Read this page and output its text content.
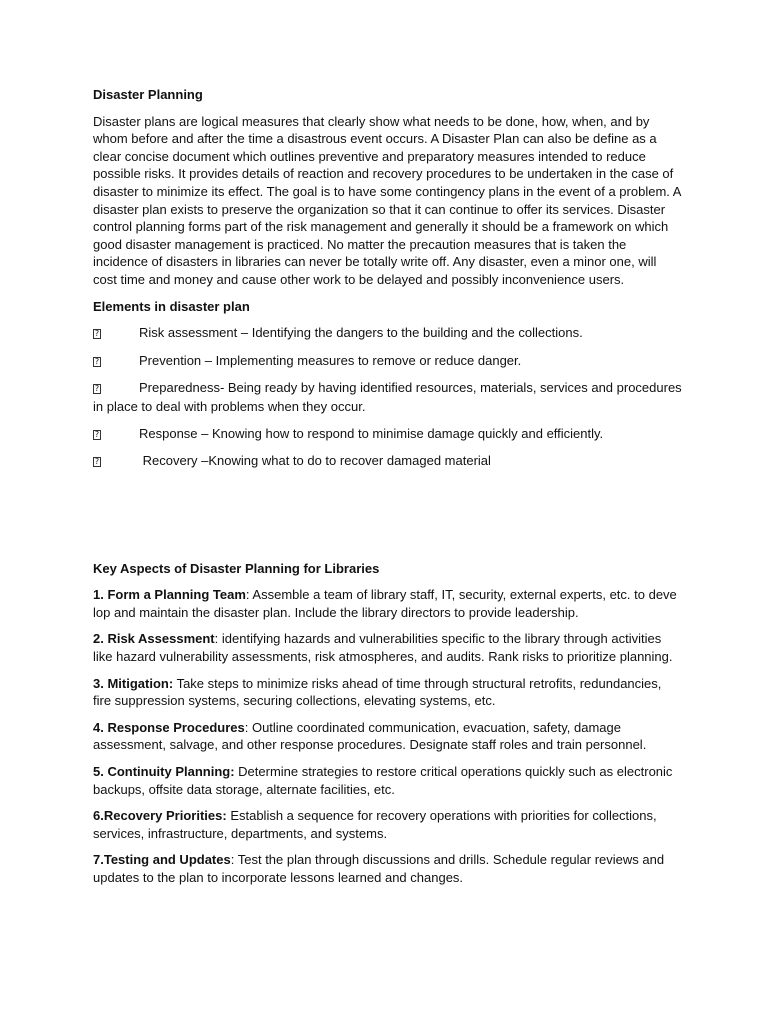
Disaster Planning
Disaster plans are logical measures that clearly show what needs to be done, how, when, and by whom before and after the time a disastrous event occurs. A Disaster Plan can also be define as a clear concise document which outlines preventive and preparatory measures intended to reduce possible risks. It provides details of reaction and recovery procedures to be undertaken in the case of disaster to minimize its effect. The goal is to have some contingency plans in the event of a problem. A disaster plan exists to preserve the organization so that it can continue to offer its services. Disaster control planning forms part of the risk management and generally it should be a framework on which good disaster management is practiced. No matter the precaution measures that is taken the incidence of disasters in libraries can never be totally write off. Any disaster, even a minor one, will cost time and money and cause other work to be delayed and possibly inconvenience users.
Elements in disaster plan
?	Risk assessment – Identifying the dangers to the building and the collections.
?	Prevention – Implementing measures to remove or reduce danger.
?	Preparedness- Being ready by having identified resources, materials, services and procedures in place to deal with problems when they occur.
?	Response – Knowing how to respond to minimise damage quickly and efficiently.
?	Recovery –Knowing what to do to recover damaged material
Key Aspects of Disaster Planning for Libraries
1. Form a Planning Team: Assemble a team of library staff, IT, security, external experts, etc. to deve lop and maintain the disaster plan. Include the library directors to provide leadership.
2. Risk Assessment: identifying hazards and vulnerabilities specific to the library through activities like hazard vulnerability assessments, risk atmospheres, and audits. Rank risks to prioritize planning.
3. Mitigation: Take steps to minimize risks ahead of time through structural retrofits, redundancies, fire suppression systems, securing collections, elevating systems, etc.
4. Response Procedures: Outline coordinated communication, evacuation, safety, damage assessment, salvage, and other response procedures. Designate staff roles and train personnel.
5. Continuity Planning: Determine strategies to restore critical operations quickly such as electronic backups, offsite data storage, alternate facilities, etc.
6.Recovery Priorities: Establish a sequence for recovery operations with priorities for collections, services, infrastructure, departments, and systems.
7.Testing and Updates: Test the plan through discussions and drills. Schedule regular reviews and updates to the plan to incorporate lessons learned and changes.
